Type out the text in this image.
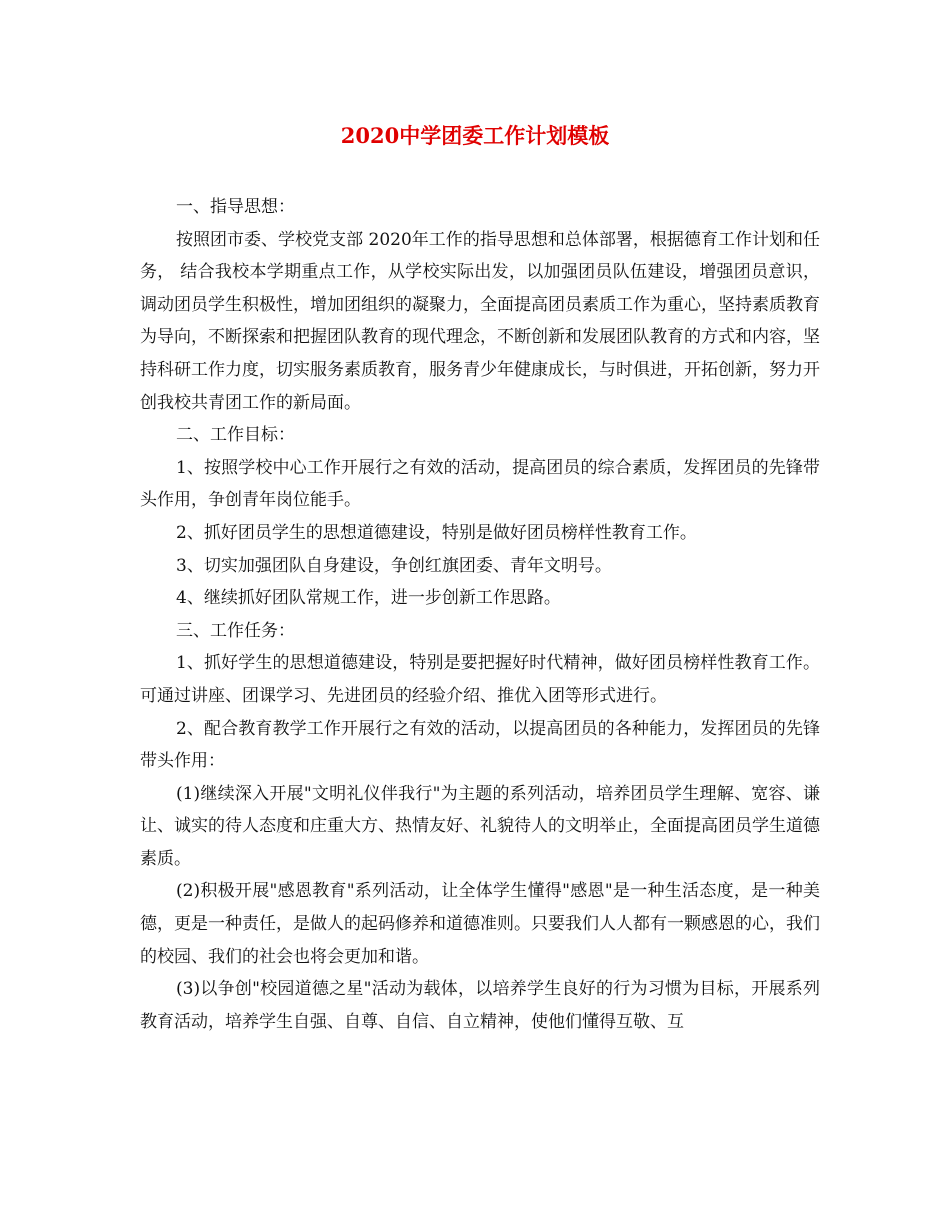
2020中学团委工作计划模板

一、指导思想：

按照团市委、学校党支部 2020年工作的指导思想和总体部署，根据德育工作计划和任务， 结合我校本学期重点工作，从学校实际出发，以加强团员队伍建设，增强团员意识，调动团员学生积极性，增加团组织的凝聚力，全面提高团员素质工作为重心，坚持素质教育为导向，不断探索和把握团队教育的现代理念，不断创新和发展团队教育的方式和内容，坚持科研工作力度，切实服务素质教育，服务青少年健康成长，与时俱进，开拓创新，努力开创我校共青团工作的新局面。

二、工作目标：

1、按照学校中心工作开展行之有效的活动，提高团员的综合素质，发挥团员的先锋带头作用，争创青年岗位能手。

2、抓好团员学生的思想道德建设，特别是做好团员榜样性教育工作。

3、切实加强团队自身建设，争创红旗团委、青年文明号。

4、继续抓好团队常规工作，进一步创新工作思路。

三、工作任务：

1、抓好学生的思想道德建设，特别是要把握好时代精神，做好团员榜样性教育工作。可通过讲座、团课学习、先进团员的经验介绍、推优入团等形式进行。

2、配合教育教学工作开展行之有效的活动，以提高团员的各种能力，发挥团员的先锋带头作用：

(1)继续深入开展"文明礼仪伴我行"为主题的系列活动，培养团员学生理解、宽容、谦让、诚实的待人态度和庄重大方、热情友好、礼貌待人的文明举止，全面提高团员学生道德素质。

(2)积极开展"感恩教育"系列活动，让全体学生懂得"感恩"是一种生活态度，是一种美德，更是一种责任，是做人的起码修养和道德准则。只要我们人人都有一颗感恩的心，我们的校园、我们的社会也将会更加和谐。

(3)以争创"校园道德之星"活动为载体，以培养学生良好的行为习惯为目标，开展系列教育活动，培养学生自强、自尊、自信、自立精神，使他们懂得互敬、互
